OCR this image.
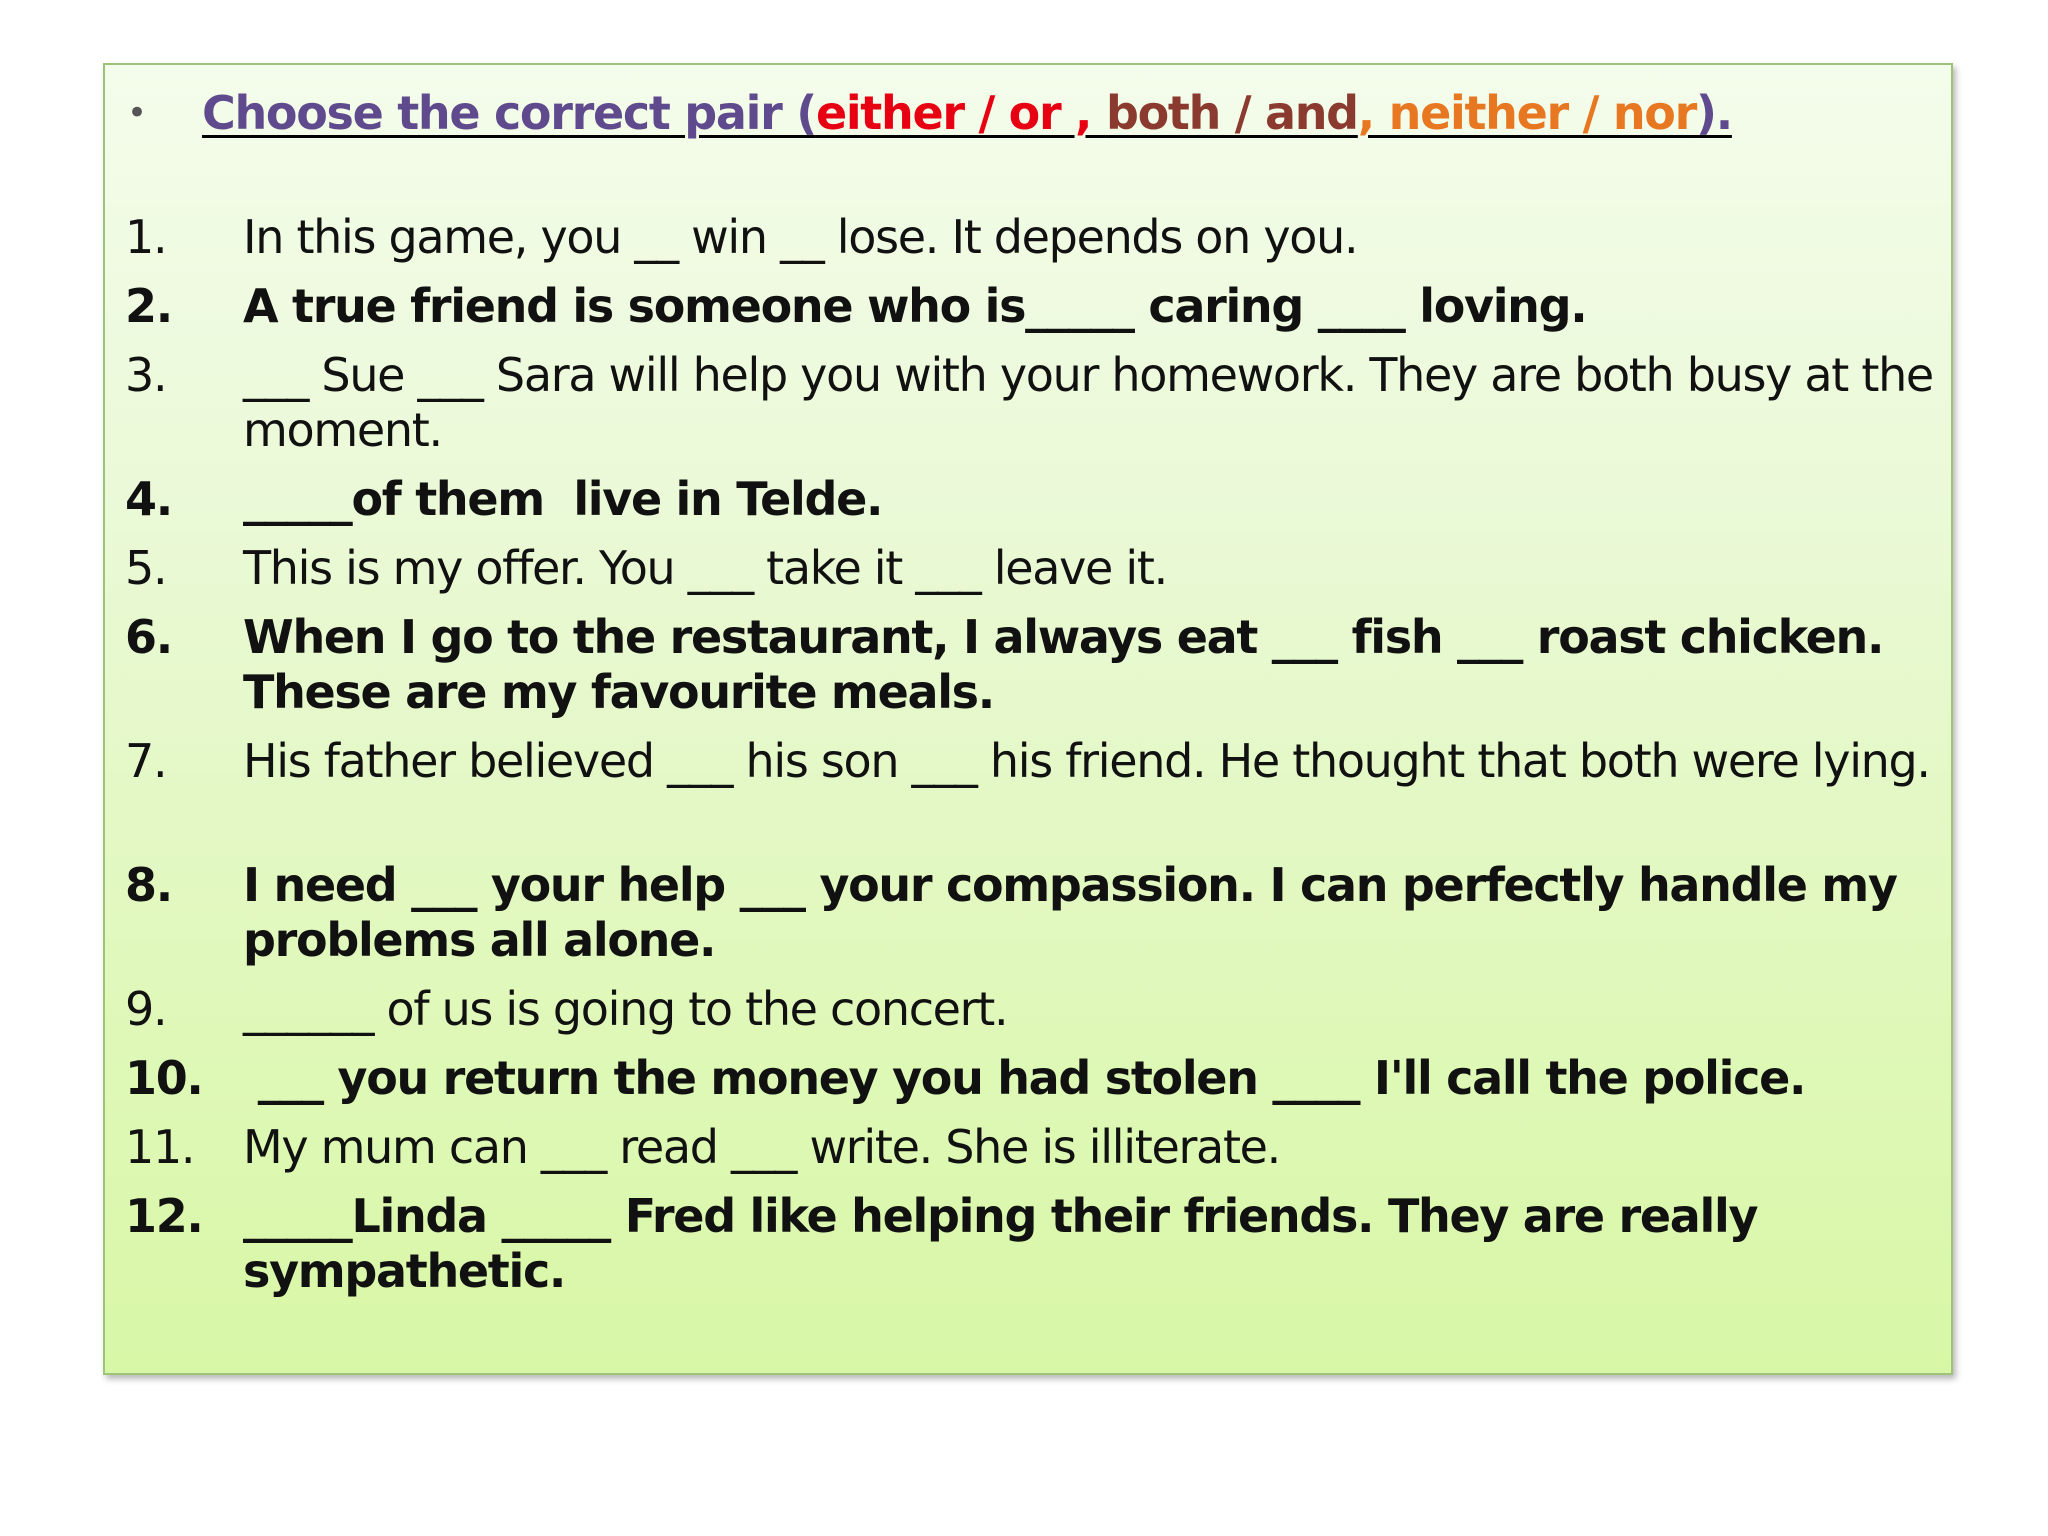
•	Choose the correct pair (either / or , both / and, neither / nor).
1.	In this game, you __ win __ lose. It depends on you.
2.	A true friend is someone who is_____ caring ____ loving.
3.	___ Sue ___ Sara will help you with your homework. They are both busy at the moment.
4.	_____of them  live in Telde.
5.	This is my offer. You ___ take it ___ leave it.
6.	When I go to the restaurant, I always eat ___ fish ___ roast chicken. These are my favourite meals.
7.	His father believed ___ his son ___ his friend. He thought that both were lying.
8.	I need ___ your help ___ your compassion. I can perfectly handle my problems all alone.
9.	______ of us is going to the concert.
10. ___ you return the money you had stolen ____ I'll call the police.
11.	My mum can ___ read ___ write. She is illiterate.
12. _____Linda _____ Fred like helping their friends. They are really sympathetic.
